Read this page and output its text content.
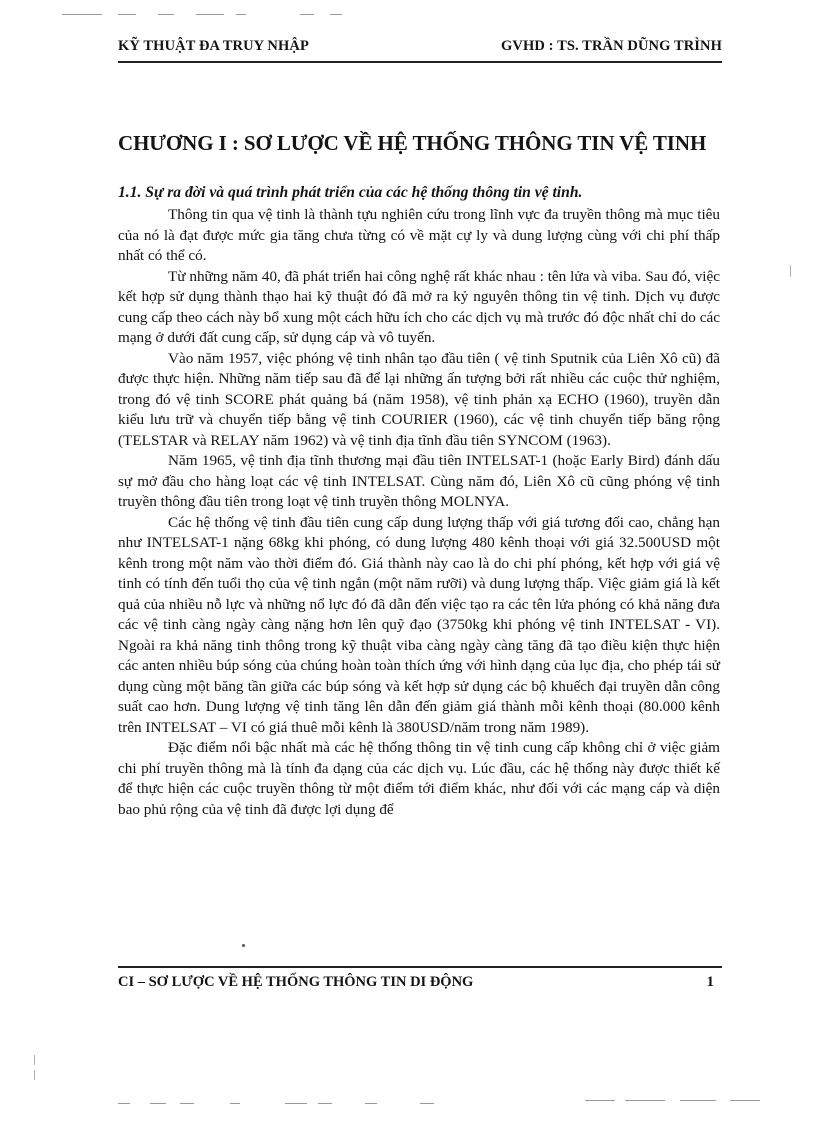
KỸ THUẬT ĐA TRUY NHẬP	GVHD : TS. TRẦN DŨNG TRÌNH
CHƯƠNG I : SƠ LƯỢC VỀ HỆ THỐNG THÔNG TIN VỆ TINH
1.1. Sự ra đời và quá trình phát triển của các hệ thống thông tin vệ tinh.

Thông tin qua vệ tinh là thành tựu nghiên cứu trong lĩnh vực đa truyền thông mà mục tiêu của nó là đạt được mức gia tăng chưa từng có về mặt cự ly và dung lượng cùng với chi phí thấp nhất có thể có.

Từ những năm 40, đã phát triển hai công nghệ rất khác nhau : tên lửa và viba. Sau đó, việc kết hợp sử dụng thành thạo hai kỹ thuật đó đã mở ra kỷ nguyên thông tin vệ tinh. Dịch vụ được cung cấp theo cách này bổ xung một cách hữu ích cho các dịch vụ mà trước đó độc nhất chỉ do các mạng ở dưới đất cung cấp, sử dụng cáp và vô tuyến.

Vào năm 1957, việc phóng vệ tinh nhân tạo đầu tiên ( vệ tinh Sputnik của Liên Xô cũ) đã được thực hiện. Những năm tiếp sau đã để lại những ấn tượng bởi rất nhiều các cuộc thử nghiệm, trong đó vệ tinh SCORE phát quảng bá (năm 1958), vệ tinh phản xạ ECHO (1960), truyền dẫn kiểu lưu trữ và chuyển tiếp bằng vệ tinh COURIER (1960), các vệ tinh chuyển tiếp băng rộng (TELSTAR và RELAY năm 1962) và vệ tinh địa tĩnh đầu tiên SYNCOM (1963).

Năm 1965, vệ tinh địa tĩnh thương mại đầu tiên INTELSAT-1 (hoặc Early Bird) đánh dấu sự mở đầu cho hàng loạt các vệ tinh INTELSAT. Cùng năm đó, Liên Xô cũ cũng phóng vệ tinh truyền thông đầu tiên trong loạt vệ tinh truyền thông MOLNYA.

Các hệ thống vệ tinh đầu tiên cung cấp dung lượng thấp với giá tương đối cao, chẳng hạn như INTELSAT-1 nặng 68kg khi phóng, có dung lượng 480 kênh thoại với giá 32.500USD một kênh trong một năm vào thời điểm đó. Giá thành này cao là do chi phí phóng, kết hợp với giá vệ tinh có tính đến tuổi thọ của vệ tinh ngắn (một năm rưỡi) và dung lượng thấp. Việc giảm giá là kết quả của nhiều nỗ lực và những nổ lực đó đã dẫn đến việc tạo ra các tên lửa phóng có khả năng đưa các vệ tinh càng ngày càng nặng hơn lên quỹ đạo (3750kg khi phóng vệ tinh INTELSAT - VI). Ngoài ra khả năng tinh thông trong kỹ thuật viba càng ngày càng tăng đã tạo điều kiện thực hiện các anten nhiều búp sóng của chúng hoàn toàn thích ứng với hình dạng của lục địa, cho phép tái sử dụng cùng một băng tần giữa các búp sóng và kết hợp sử dụng các bộ khuếch đại truyền dẫn công suất cao hơn. Dung lượng vệ tinh tăng lên dẫn đến giảm giá thành mỗi kênh thoại (80.000 kênh trên INTELSAT – VI có giá thuê mỗi kênh là 380USD/năm trong năm 1989).

Đặc điểm nổi bậc nhất mà các hệ thống thông tin vệ tinh cung cấp không chỉ ở việc giảm chi phí truyền thông mà là tính đa dạng của các dịch vụ. Lúc đầu, các hệ thống này được thiết kế để thực hiện các cuộc truyền thông từ một điểm tới điểm khác, như đối với các mạng cáp và diện bao phủ rộng của vệ tinh đã được lợi dụng để

CI – SƠ LƯỢC VỀ HỆ THỐNG THÔNG TIN DI ĐỘNG	1
